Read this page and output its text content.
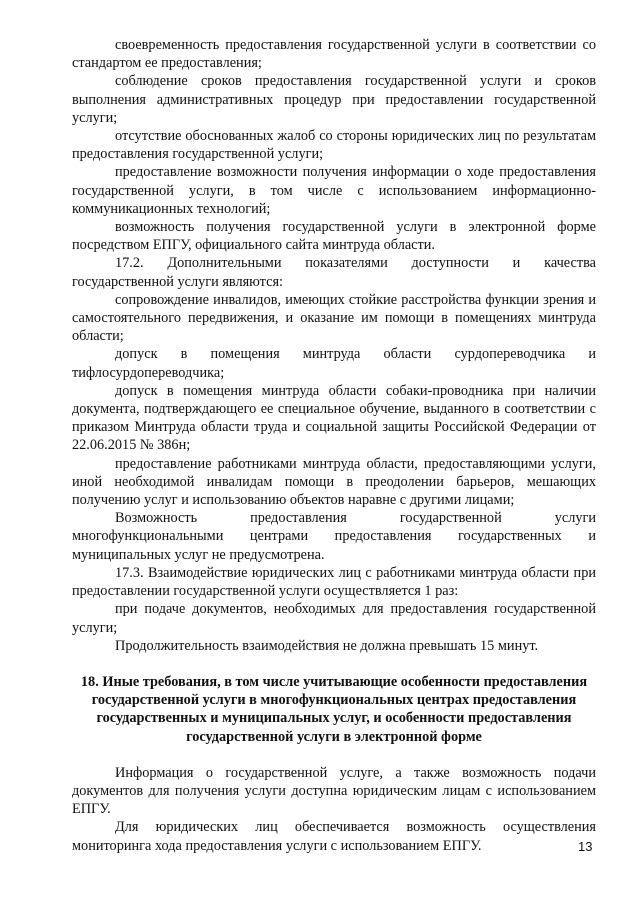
своевременность предоставления государственной услуги в соответствии со стандартом ее предоставления;

соблюдение сроков предоставления государственной услуги и сроков выполнения административных процедур при предоставлении государственной услуги;

отсутствие обоснованных жалоб со стороны юридических лиц по результатам предоставления государственной услуги;

предоставление возможности получения информации о ходе предоставления государственной услуги, в том числе с использованием информационно-коммуникационных технологий;

возможность получения государственной услуги в электронной форме посредством ЕПГУ, официального сайта минтруда области.

17.2. Дополнительными показателями доступности и качества государственной услуги являются:

сопровождение инвалидов, имеющих стойкие расстройства функции зрения и самостоятельного передвижения, и оказание им помощи в помещениях минтруда области;

допуск в помещения минтруда области сурдопереводчика и тифлосурдопереводчика;

допуск в помещения минтруда области собаки-проводника при наличии документа, подтверждающего ее специальное обучение, выданного в соответствии с приказом Минтруда области труда и социальной защиты Российской Федерации от 22.06.2015 № 386н;

предоставление работниками минтруда области, предоставляющими услуги, иной необходимой инвалидам помощи в преодолении барьеров, мешающих получению услуг и использованию объектов наравне с другими лицами;

Возможность предоставления государственной услуги многофункциональными центрами предоставления государственных и муниципальных услуг не предусмотрена.

17.3. Взаимодействие юридических лиц с работниками минтруда области при предоставлении государственной услуги осуществляется 1 раз:

при подаче документов, необходимых для предоставления государственной услуги;

Продолжительность взаимодействия не должна превышать 15 минут.

18. Иные требования, в том числе учитывающие особенности предоставления государственной услуги в многофункциональных центрах предоставления государственных и муниципальных услуг, и особенности предоставления государственной услуги в электронной форме

Информация о государственной услуге, а также возможность подачи документов для получения услуги доступна юридическим лицам с использованием ЕПГУ.

Для юридических лиц обеспечивается возможность осуществления мониторинга хода предоставления услуги с использованием ЕПГУ.	13
